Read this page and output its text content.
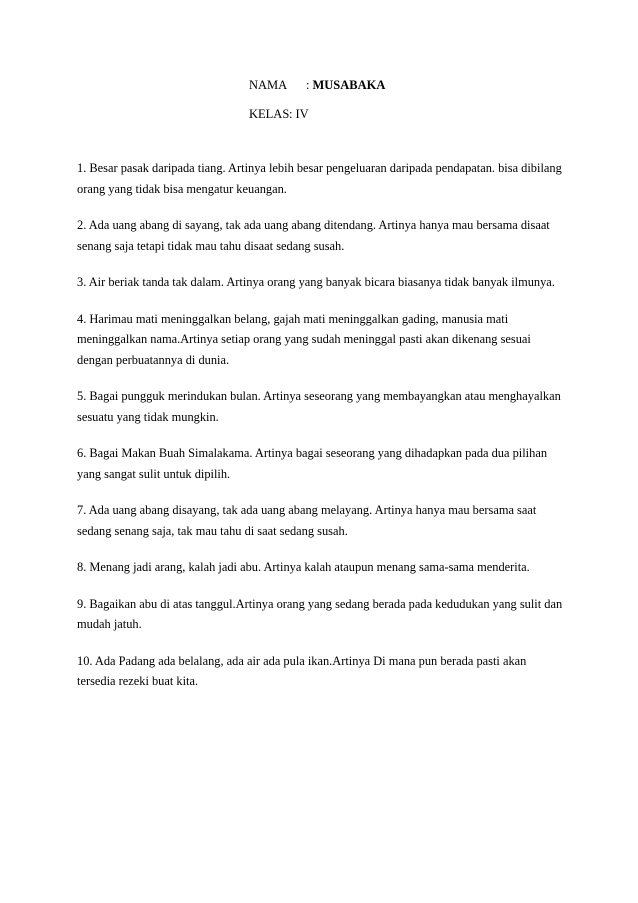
NAMA	: MUSABAKA
KELAS : IV

1. Besar pasak daripada tiang. Artinya lebih besar pengeluaran daripada pendapatan. bisa dibilang orang yang tidak bisa mengatur keuangan.

2. Ada uang abang di sayang, tak ada uang abang ditendang. Artinya hanya mau bersama disaat senang saja tetapi tidak mau tahu disaat sedang susah.

3. Air beriak tanda tak dalam. Artinya orang yang banyak bicara biasanya tidak banyak ilmunya.

4. Harimau mati meninggalkan belang, gajah mati meninggalkan gading, manusia mati meninggalkan nama.Artinya setiap orang yang sudah meninggal pasti akan dikenang sesuai dengan perbuatannya di dunia.

5. Bagai pungguk merindukan bulan. Artinya seseorang yang membayangkan atau menghayalkan sesuatu yang tidak mungkin.

6. Bagai Makan Buah Simalakama. Artinya bagai seseorang yang dihadapkan pada dua pilihan yang sangat sulit untuk dipilih.

7. Ada uang abang disayang, tak ada uang abang melayang. Artinya hanya mau bersama saat sedang senang saja, tak mau tahu di saat sedang susah.

8. Menang jadi arang, kalah jadi abu. Artinya kalah ataupun menang sama-sama menderita.

9. Bagaikan abu di atas tanggul.Artinya orang yang sedang berada pada kedudukan yang sulit dan mudah jatuh.

10. Ada Padang ada belalang, ada air ada pula ikan.Artinya Di mana pun berada pasti akan tersedia rezeki buat kita.
